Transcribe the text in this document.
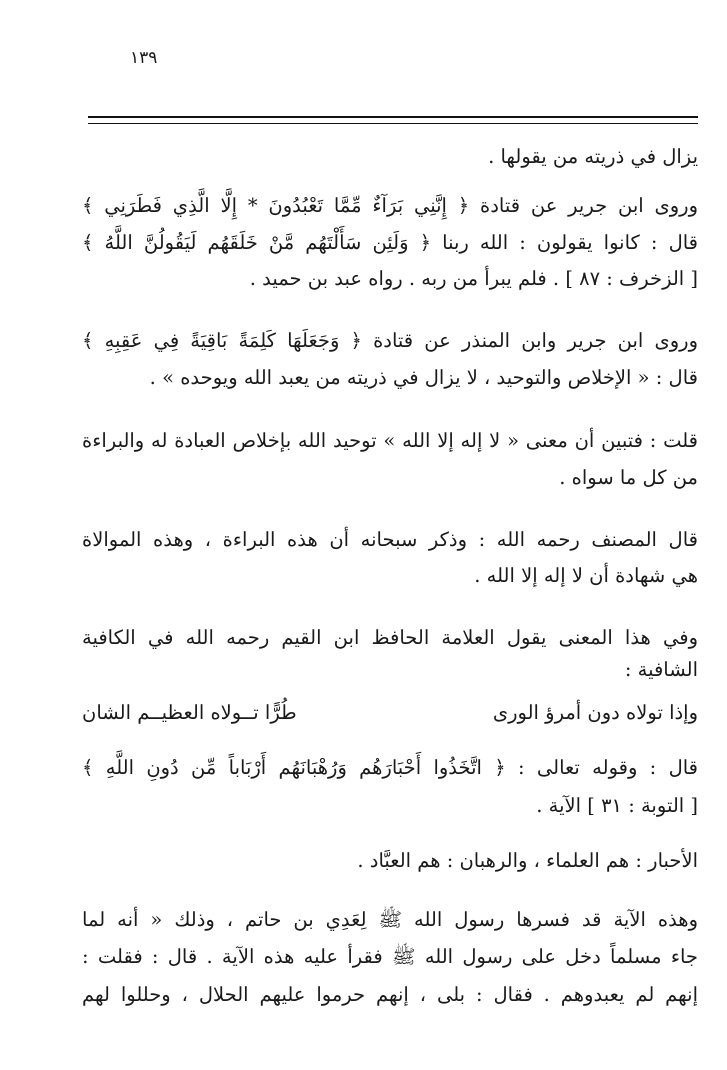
١٣٩
يزال في ذريته من يقولها .
وروى ابن جرير عن قتادة ﴿ إِنَّنِي بَرَآءٌ مِّمَّا تَعْبُدُونَ * إِلَّا الَّذِي فَطَرَنِي ﴾
قال : كانوا يقولون : الله ربنا ﴿ وَلَئِن سَأَلْتَهُم مَّنْ خَلَقَهُم لَيَقُولُنَّ اللَّهُ ﴾
[ الزخرف : ٨٧ ] . فلم يبرأ من ربه . رواه عبد بن حميد .
وروى ابن جرير وابن المنذر عن قتادة ﴿ وَجَعَلَهَا كَلِمَةً بَاقِيَةً فِي عَقِبِهِ ﴾
قال : « الإخلاص والتوحيد ، لا يزال في ذريته من يعبد الله ويوحده » .
قلت : فتبين أن معنى « لا إله إلا الله » توحيد الله بإخلاص العبادة له والبراءة
من كل ما سواه .
قال المصنف رحمه الله : وذكر سبحانه أن هذه البراءة ، وهذه الموالاة
هي شهادة أن لا إله إلا الله .
وفي هذا المعنى يقول العلامة الحافظ ابن القيم رحمه الله في الكافية
الشافية :
وإذا تولاه دون أمرؤ الورى
طُرًّا تــولاه العظيــم الشان
قال : وقوله تعالى : ﴿ اتَّخَذُوا أَحْبَارَهُم وَرُهْبَانَهُم أَرْبَاباً مِّن دُونِ اللَّهِ ﴾
[ التوبة : ٣١ ] الآية .
الأحبار : هم العلماء ، والرهبان : هم العبَّاد .
وهذه الآية قد فسرها رسول الله ﷺ لِعَدِي بن حاتم ، وذلك « أنه لما
جاء مسلماً دخل على رسول الله ﷺ فقرأ عليه هذه الآية . قال : فقلت :
إنهم لم يعبدوهم . فقال : بلى ، إنهم حرموا عليهم الحلال ، وحللوا لهم
